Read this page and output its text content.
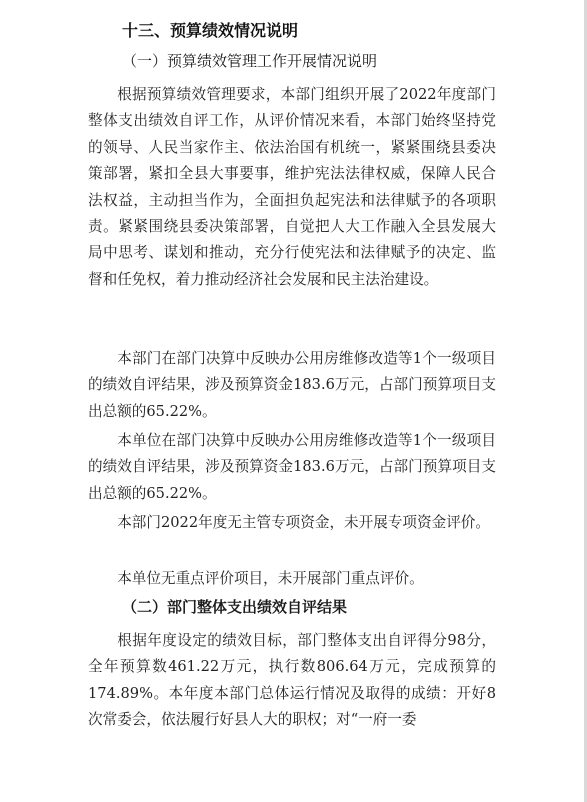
十三、预算绩效情况说明
（一）预算绩效管理工作开展情况说明

根据预算绩效管理要求，本部门组织开展了2022年度部门整体支出绩效自评工作，从评价情况来看，本部门始终坚持党的领导、人民当家作主、依法治国有机统一，紧紧围绕县委决策部署，紧扣全县大事要事，维护宪法法律权威，保障人民合法权益，主动担当作为，全面担负起宪法和法律赋予的各项职责。紧紧围绕县委决策部署，自觉把人大工作融入全县发展大局中思考、谋划和推动，充分行使宪法和法律赋予的决定、监督和任免权，着力推动经济社会发展和民主法治建设。

本部门在部门决算中反映办公用房维修改造等1个一级项目的绩效自评结果，涉及预算资金183.6万元，占部门预算项目支出总额的65.22%。

本单位在部门决算中反映办公用房维修改造等1个一级项目的绩效自评结果，涉及预算资金183.6万元，占部门预算项目支出总额的65.22%。

本部门2022年度无主管专项资金，未开展专项资金评价。

本单位无重点评价项目，未开展部门重点评价。

（二）部门整体支出绩效自评结果

根据年度设定的绩效目标，部门整体支出自评得分98分，全年预算数461.22万元，执行数806.64万元，完成预算的174.89%。本年度本部门总体运行情况及取得的成绩：开好8次常委会，依法履行好县人大的职权；对“一府一委
